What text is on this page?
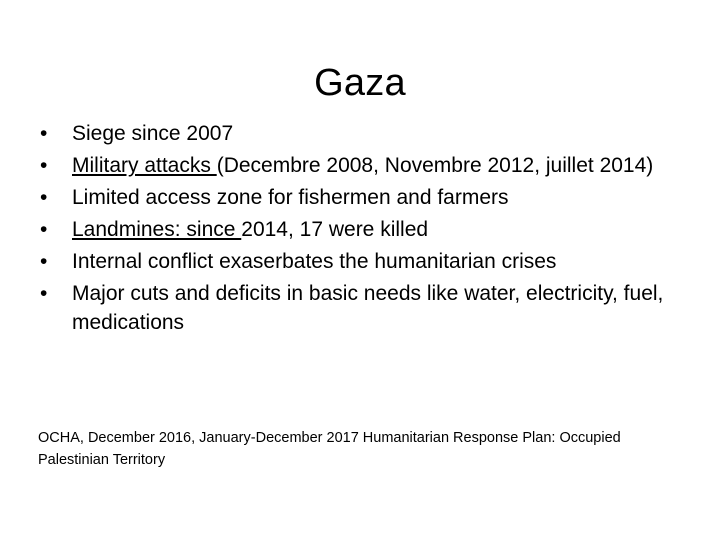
Gaza
•	Siege since 2007
•	Military attacks (Decembre 2008, Novembre 2012, juillet 2014)
•	Limited access zone for fishermen and farmers
•	Landmines: since 2014, 17 were killed
•	Internal conflict exaserbates the humanitarian crises
•	Major cuts and deficits in basic needs like water, electricity, fuel, medications
OCHA, December 2016, January-December 2017 Humanitarian Response Plan: Occupied Palestinian Territory
